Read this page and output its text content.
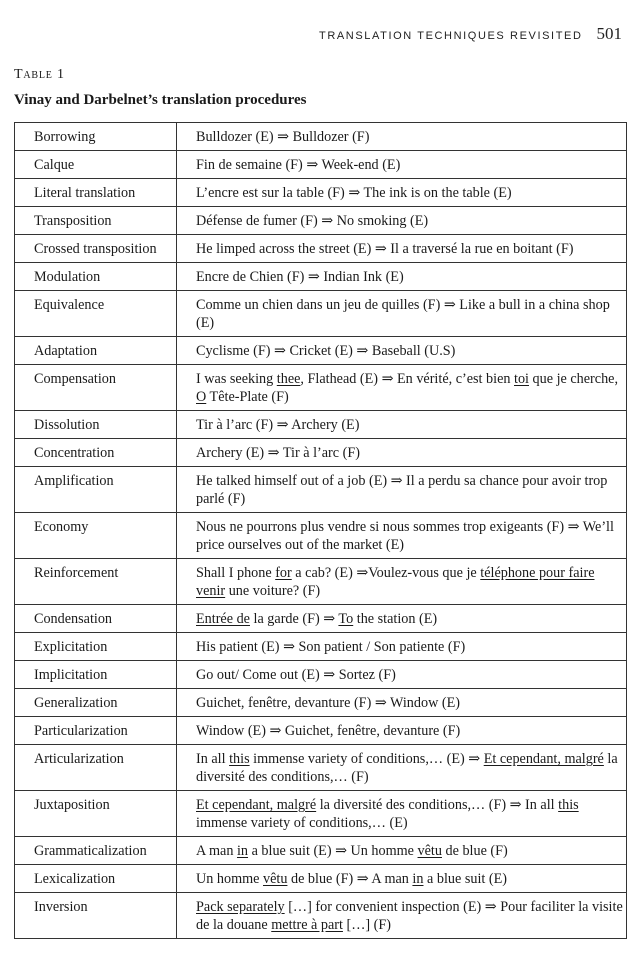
TRANSLATION TECHNIQUES REVISITED 501
Table 1
Vinay and Darbelnet’s translation procedures
Borrowing	Bulldozer (E) ⇒ Bulldozer (F)
Calque	Fin de semaine (F) ⇒ Week-end (E)
Literal translation	L’encre est sur la table (F) ⇒ The ink is on the table (E)
Transposition	Défense de fumer (F) ⇒ No smoking (E)
Crossed transposition	He limped across the street (E) ⇒ Il a traversé la rue en boitant (F)
Modulation	Encre de Chien (F) ⇒ Indian Ink (E)
Equivalence	Comme un chien dans un jeu de quilles (F) ⇒ Like a bull in a china shop (E)
Adaptation	Cyclisme (F) ⇒ Cricket (E) ⇒ Baseball (U.S)
Compensation	I was seeking thee, Flathead (E) ⇒ En vérité, c’est bien toi que je cherche, O Tête-Plate (F)
Dissolution	Tir à l’arc (F) ⇒ Archery (E)
Concentration	Archery (E) ⇒ Tir à l’arc (F)
Amplification	He talked himself out of a job (E) ⇒ Il a perdu sa chance pour avoir trop parlé (F)
Economy	Nous ne pourrons plus vendre si nous sommes trop exigeants (F) ⇒ We’ll price ourselves out of the market (E)
Reinforcement	Shall I phone for a cab? (E) ⇒Voulez-vous que je téléphone pour faire venir une voiture? (F)
Condensation	Entrée de la garde (F) ⇒ To the station (E)
Explicitation	His patient (E) ⇒ Son patient / Son patiente (F)
Implicitation	Go out/ Come out (E) ⇒ Sortez (F)
Generalization	Guichet, fenêtre, devanture (F) ⇒ Window (E)
Particularization	Window (E) ⇒ Guichet, fenêtre, devanture (F)
Articularization	In all this immense variety of conditions,… (E) ⇒ Et cependant, malgré la diversité des conditions,… (F)
Juxtaposition	Et cependant, malgré la diversité des conditions,… (F) ⇒ In all this immense variety of conditions,… (E)
Grammaticalization	A man in a blue suit (E) ⇒ Un homme vêtu de blue (F)
Lexicalization	Un homme vêtu de blue (F) ⇒ A man in a blue suit (E)
Inversion	Pack separately […] for convenient inspection (E) ⇒ Pour faciliter la visite de la douane mettre à part […] (F)
